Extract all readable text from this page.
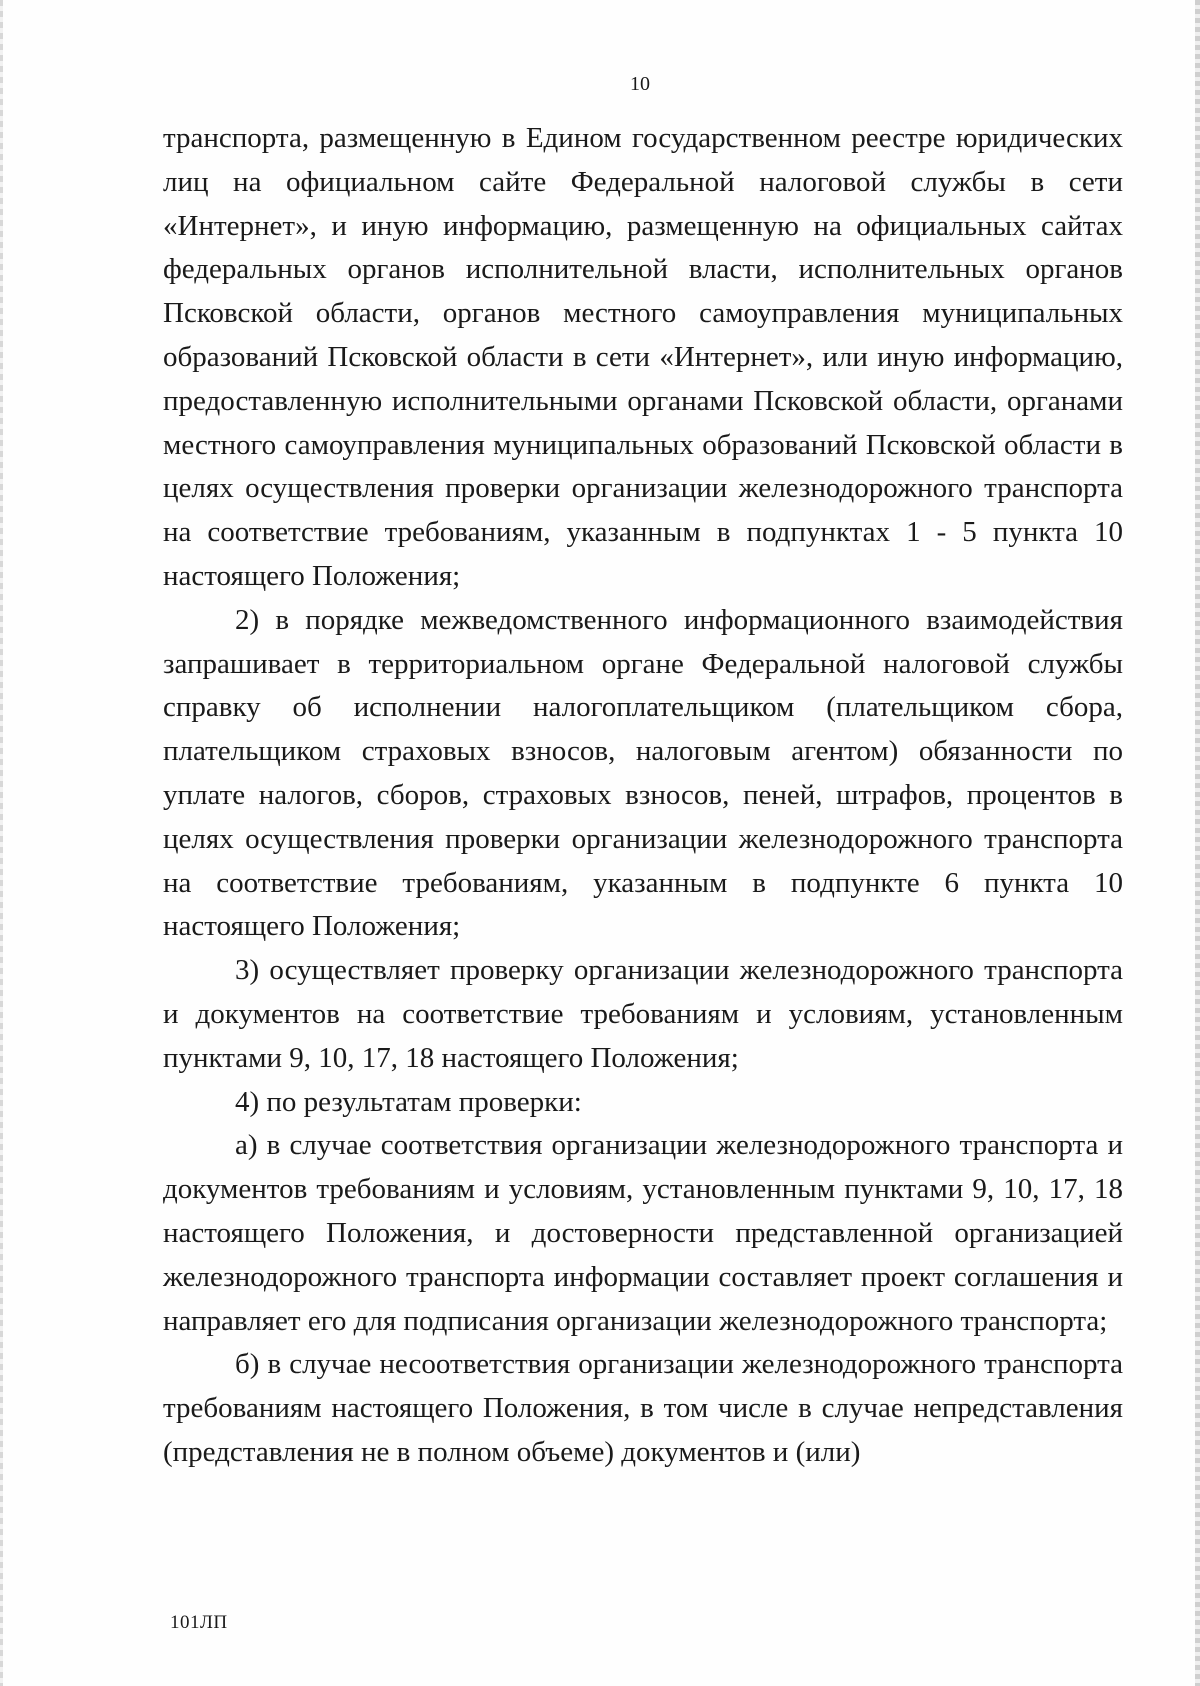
10

транспорта, размещенную в Едином государственном реестре юридических лиц на официальном сайте Федеральной налоговой службы в сети «Интернет», и иную информацию, размещенную на официальных сайтах федеральных органов исполнительной власти, исполнительных органов Псковской области, органов местного самоуправления муниципальных образований Псковской области в сети «Интернет», или иную информацию, предоставленную исполнительными органами Псковской области, органами местного самоуправления муниципальных образований Псковской области в целях осуществления проверки организации железнодорожного транспорта на соответствие требованиям, указанным в подпунктах 1 - 5 пункта 10 настоящего Положения;

2) в порядке межведомственного информационного взаимодействия запрашивает в территориальном органе Федеральной налоговой службы справку об исполнении налогоплательщиком (плательщиком сбора, плательщиком страховых взносов, налоговым агентом) обязанности по уплате налогов, сборов, страховых взносов, пеней, штрафов, процентов в целях осуществления проверки организации железнодорожного транспорта на соответствие требованиям, указанным в подпункте 6 пункта 10 настоящего Положения;

3) осуществляет проверку организации железнодорожного транспорта и документов на соответствие требованиям и условиям, установленным пунктами 9, 10, 17, 18 настоящего Положения;

4) по результатам проверки:

а) в случае соответствия организации железнодорожного транспорта и документов требованиям и условиям, установленным пунктами 9, 10, 17, 18 настоящего Положения, и достоверности представленной организацией железнодорожного транспорта информации составляет проект соглашения и направляет его для подписания организации железнодорожного транспорта;

б) в случае несоответствия организации железнодорожного транспорта требованиям настоящего Положения, в том числе в случае непредставления (представления не в полном объеме) документов и (или)

101ЛП
